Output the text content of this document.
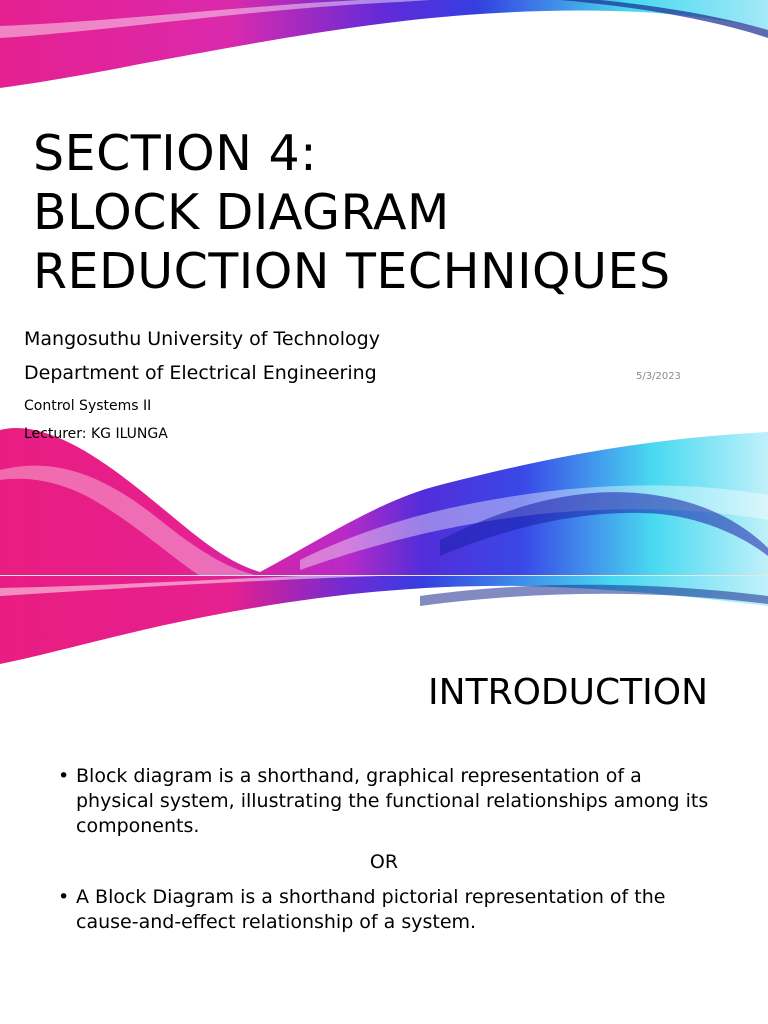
SECTION 4:
BLOCK DIAGRAM
REDUCTION TECHNIQUES

Mangosuthu University of Technology

Department of Electrical Engineering

Control Systems II

Lecturer: KG ILUNGA

5/3/2023
INTRODUCTION
• Block diagram is a shorthand, graphical representation of a physical system, illustrating the functional relationships among its components.
OR
• A Block Diagram is a shorthand pictorial representation of the cause-and-effect relationship of a system.
